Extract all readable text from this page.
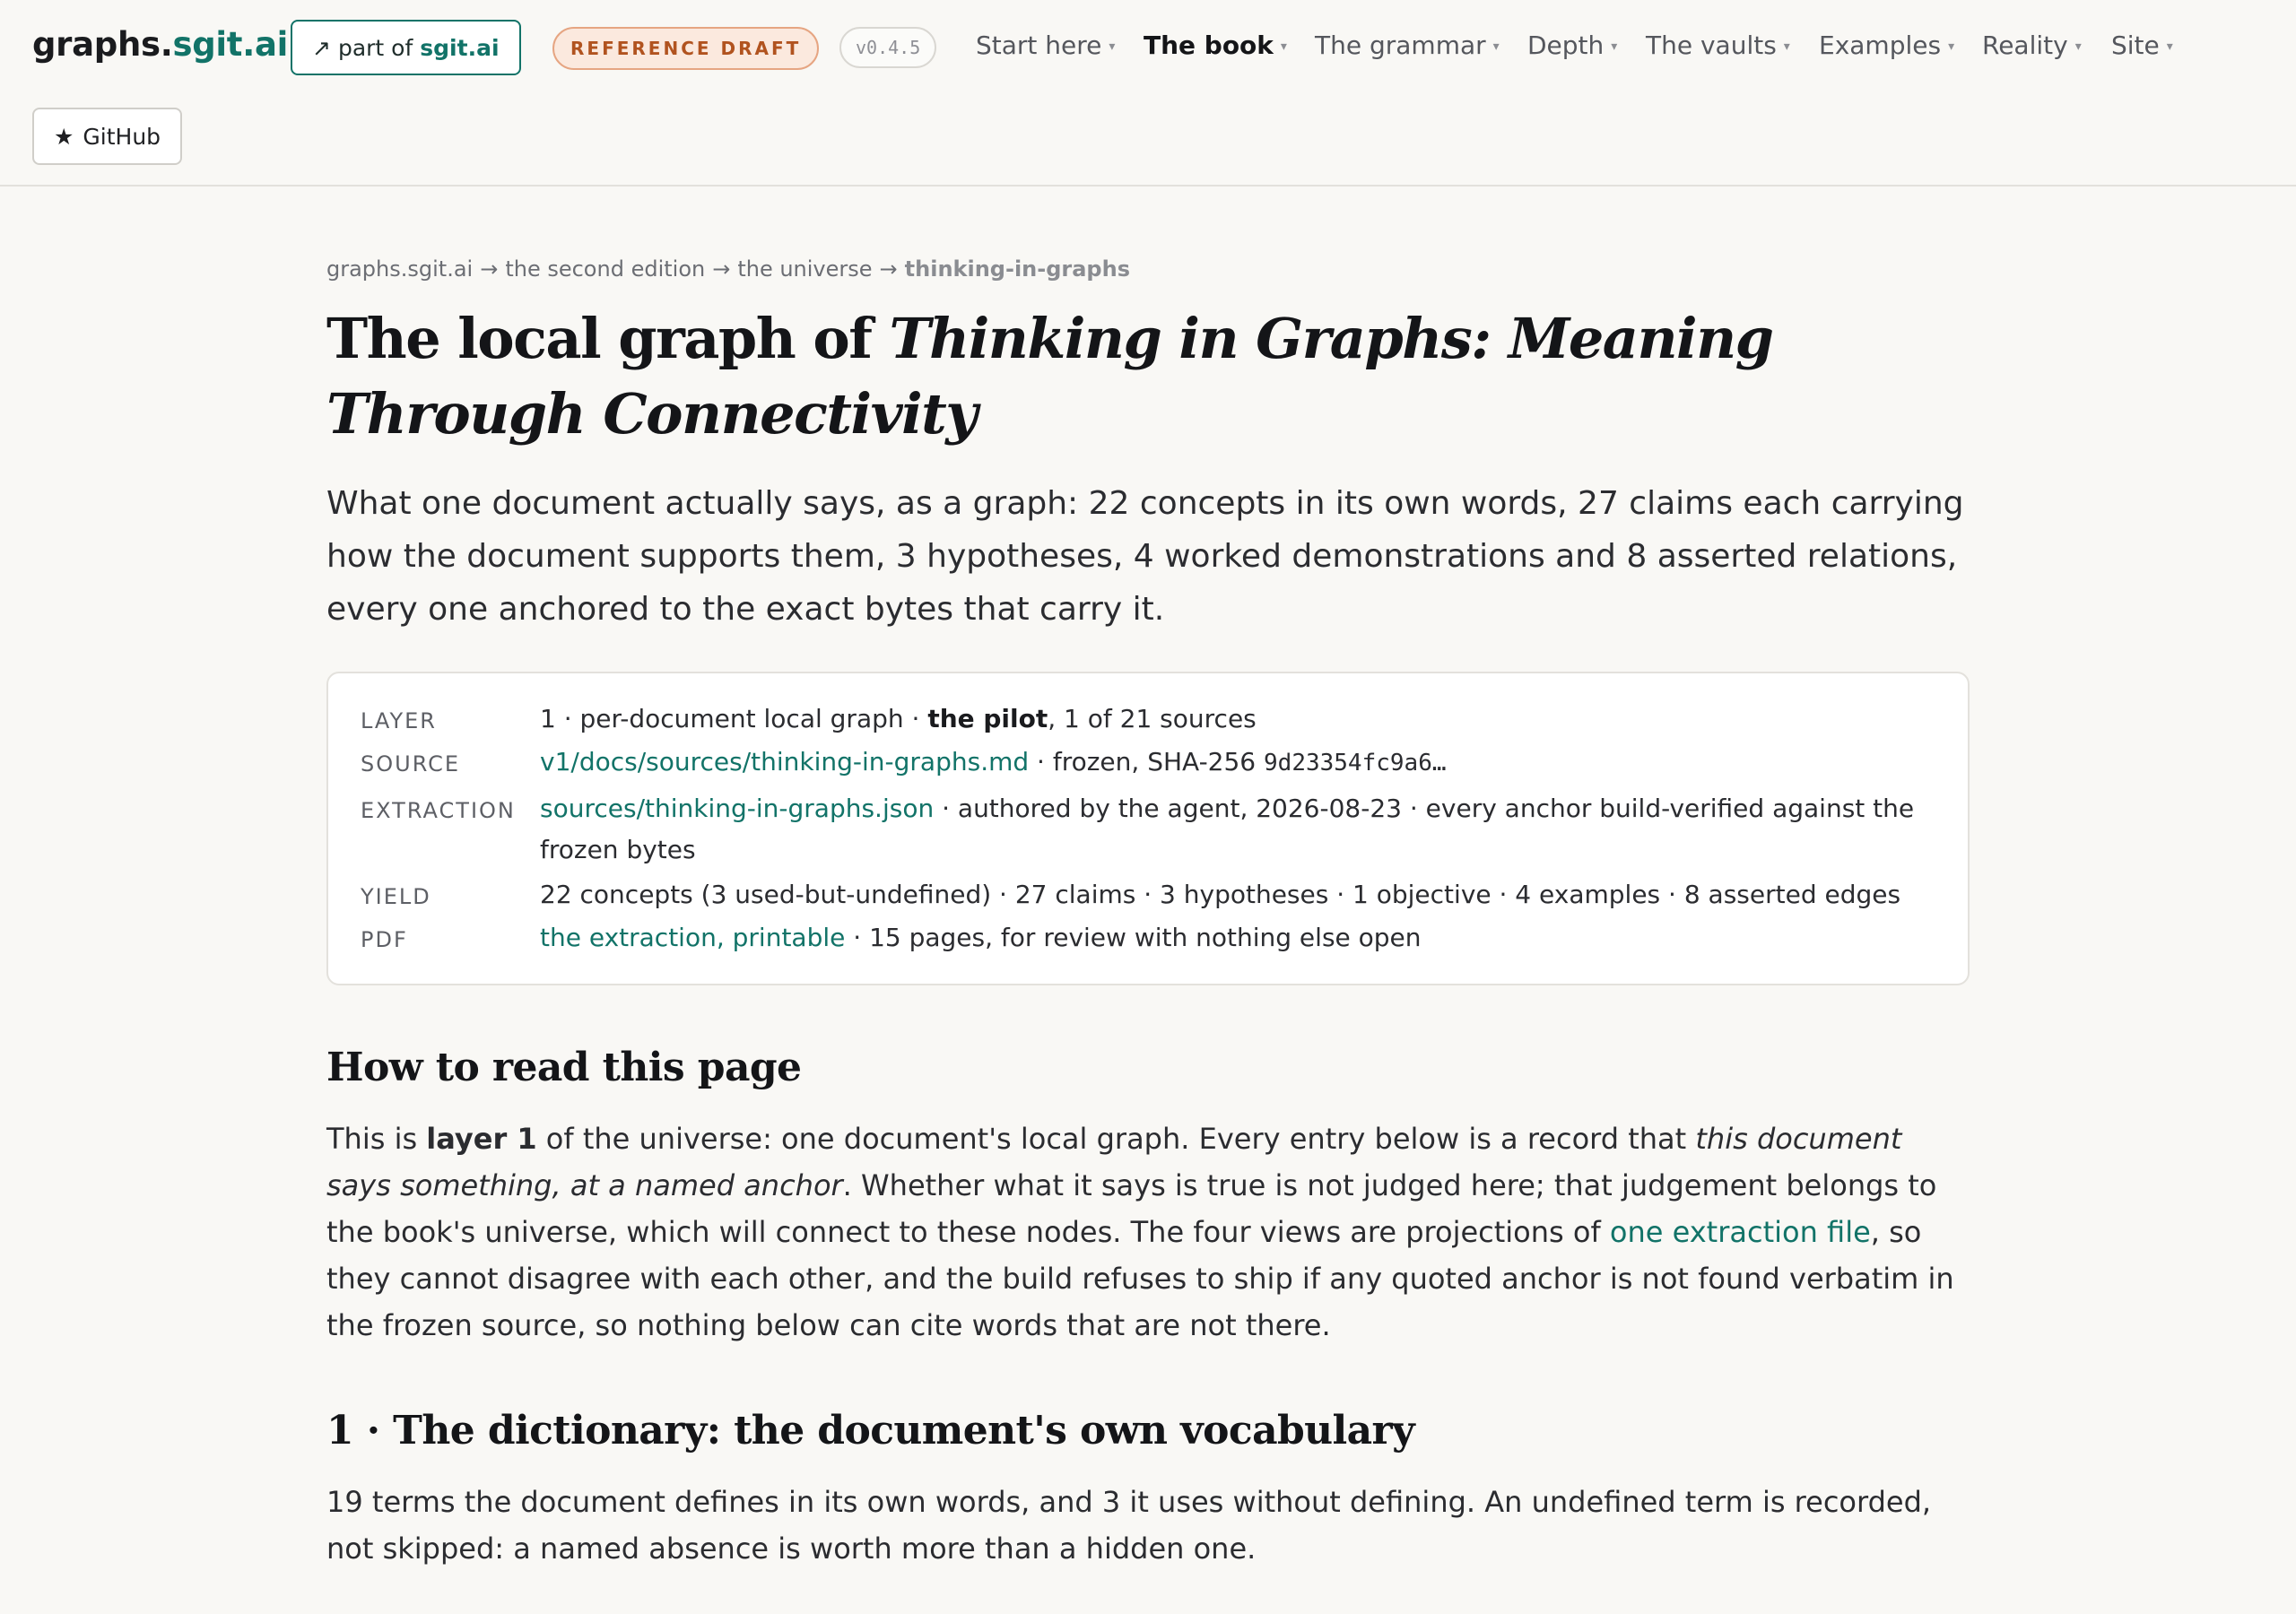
graphs.sgit.ai ↗ part of sgit.ai	REFERENCE DRAFT	v0.4.5	Start here ▾ The book ▾ The grammar ▾ Depth ▾ The vaults ▾ Examples ▾ Reality ▾ Site ▾
★ GitHub
graphs.sgit.ai → the second edition → the universe → thinking-in-graphs
The local graph of Thinking in Graphs: Meaning Through Connectivity

What one document actually says, as a graph: 22 concepts in its own words, 27 claims each carrying how the document supports them, 3 hypotheses, 4 worked demonstrations and 8 asserted relations, every one anchored to the exact bytes that carry it.

LAYER	1 · per-document local graph · the pilot, 1 of 21 sources
SOURCE	v1/docs/sources/thinking-in-graphs.md · frozen, SHA-256 9d23354fc9a6…
EXTRACTION sources/thinking-in-graphs.json · authored by the agent, 2026-08-23 · every anchor build-verified against the frozen bytes
YIELD	22 concepts (3 used-but-undefined) · 27 claims · 3 hypotheses · 1 objective · 4 examples · 8 asserted edges
PDF	the extraction, printable · 15 pages, for review with nothing else open
How to read this page

This is layer 1 of the universe: one document's local graph. Every entry below is a record that this document says something, at a named anchor. Whether what it says is true is not judged here; that judgement belongs to the book's universe, which will connect to these nodes. The four views are projections of one extraction file, so they cannot disagree with each other, and the build refuses to ship if any quoted anchor is not found verbatim in the frozen source, so nothing below can cite words that are not there.

1 · The dictionary: the document's own vocabulary

19 terms the document defines in its own words, and 3 it uses without defining. An undefined term is recorded, not skipped: a named absence is worth more than a hidden one.
